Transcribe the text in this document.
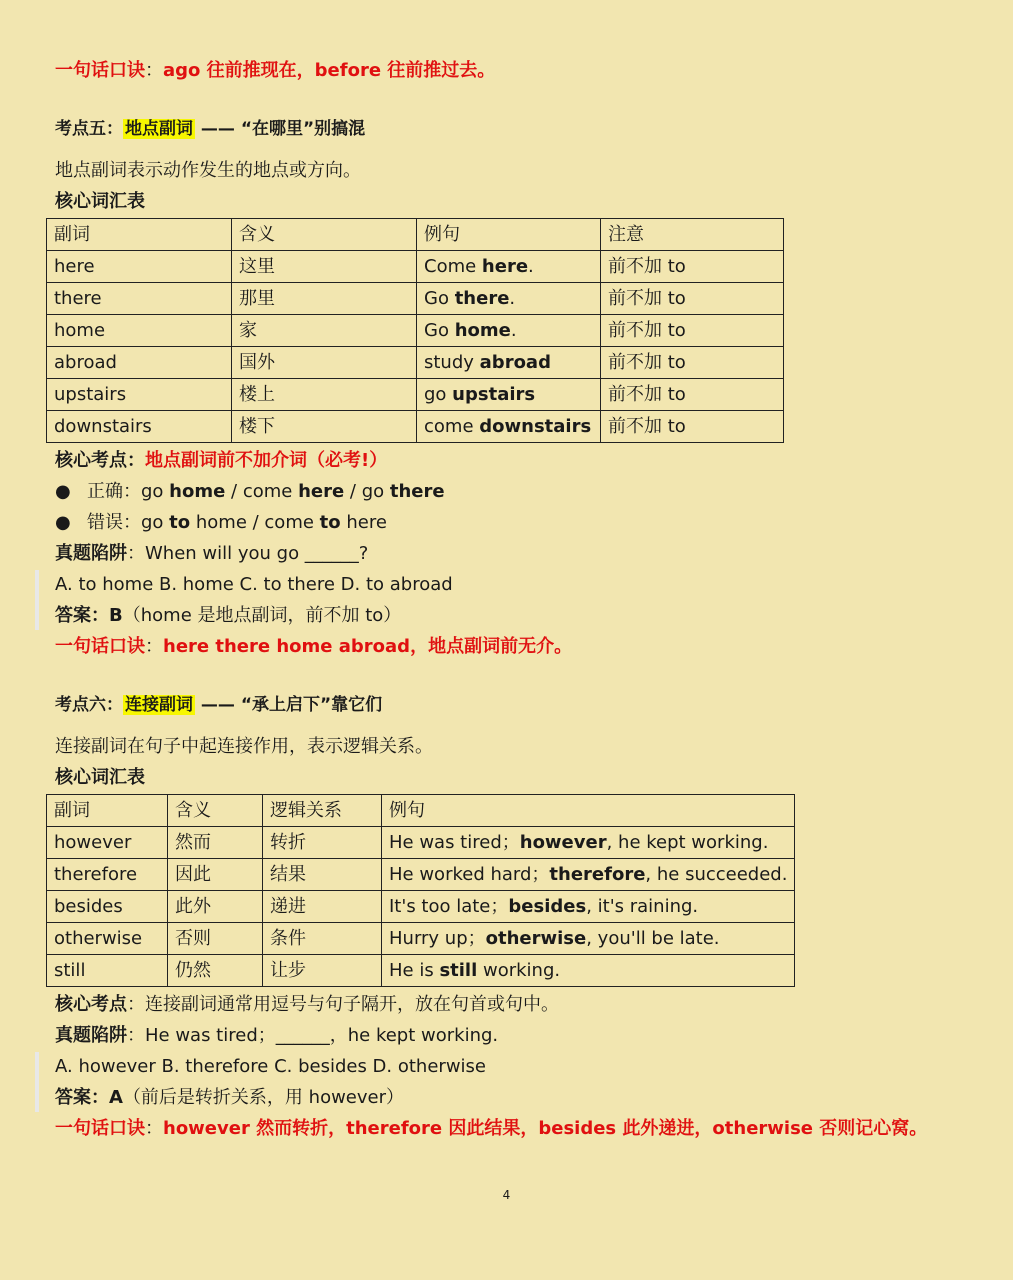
一句话口诀：ago 往前推现在，before 往前推过去。
考点五： 地点副词 —— “在哪里”别搞混
地点副词表示动作发生的地点或方向。
核心词汇表
副词	含义	例句	注意
here	这里	Come here.	前不加 to
there	那里	Go there.	前不加 to
home	家	Go home.	前不加 to
abroad	国外	study abroad	前不加 to
upstairs	楼上	go upstairs	前不加 to
downstairs	楼下	come downstairs	前不加 to
核心考点：地点副词前不加介词（必考!）
● 正确：go home / come here / go there
● 错误：go to home / come to here
真题陷阱：When will you go ______?
A. to home B. home C. to there D. to abroad
答案：B（home 是地点副词，前不加 to）
一句话口诀：here there home abroad，地点副词前无介。
考点六： 连接副词 —— “承上启下”靠它们
连接副词在句子中起连接作用，表示逻辑关系。
核心词汇表
副词	含义	逻辑关系	例句
however	然而	转折	He was tired；however, he kept working.
therefore	因此	结果	He worked hard；therefore, he succeeded.
besides	此外	递进	It's too late；besides, it's raining.
otherwise	否则	条件	Hurry up；otherwise, you'll be late.
still	仍然	让步	He is still working.
核心考点：连接副词通常用逗号与句子隔开，放在句首或句中。
真题陷阱：He was tired；______，he kept working.
A. however B. therefore C. besides D. otherwise
答案：A（前后是转折关系，用 however）
一句话口诀：however 然而转折，therefore 因此结果，besides 此外递进，otherwise 否则记心窝。
4
